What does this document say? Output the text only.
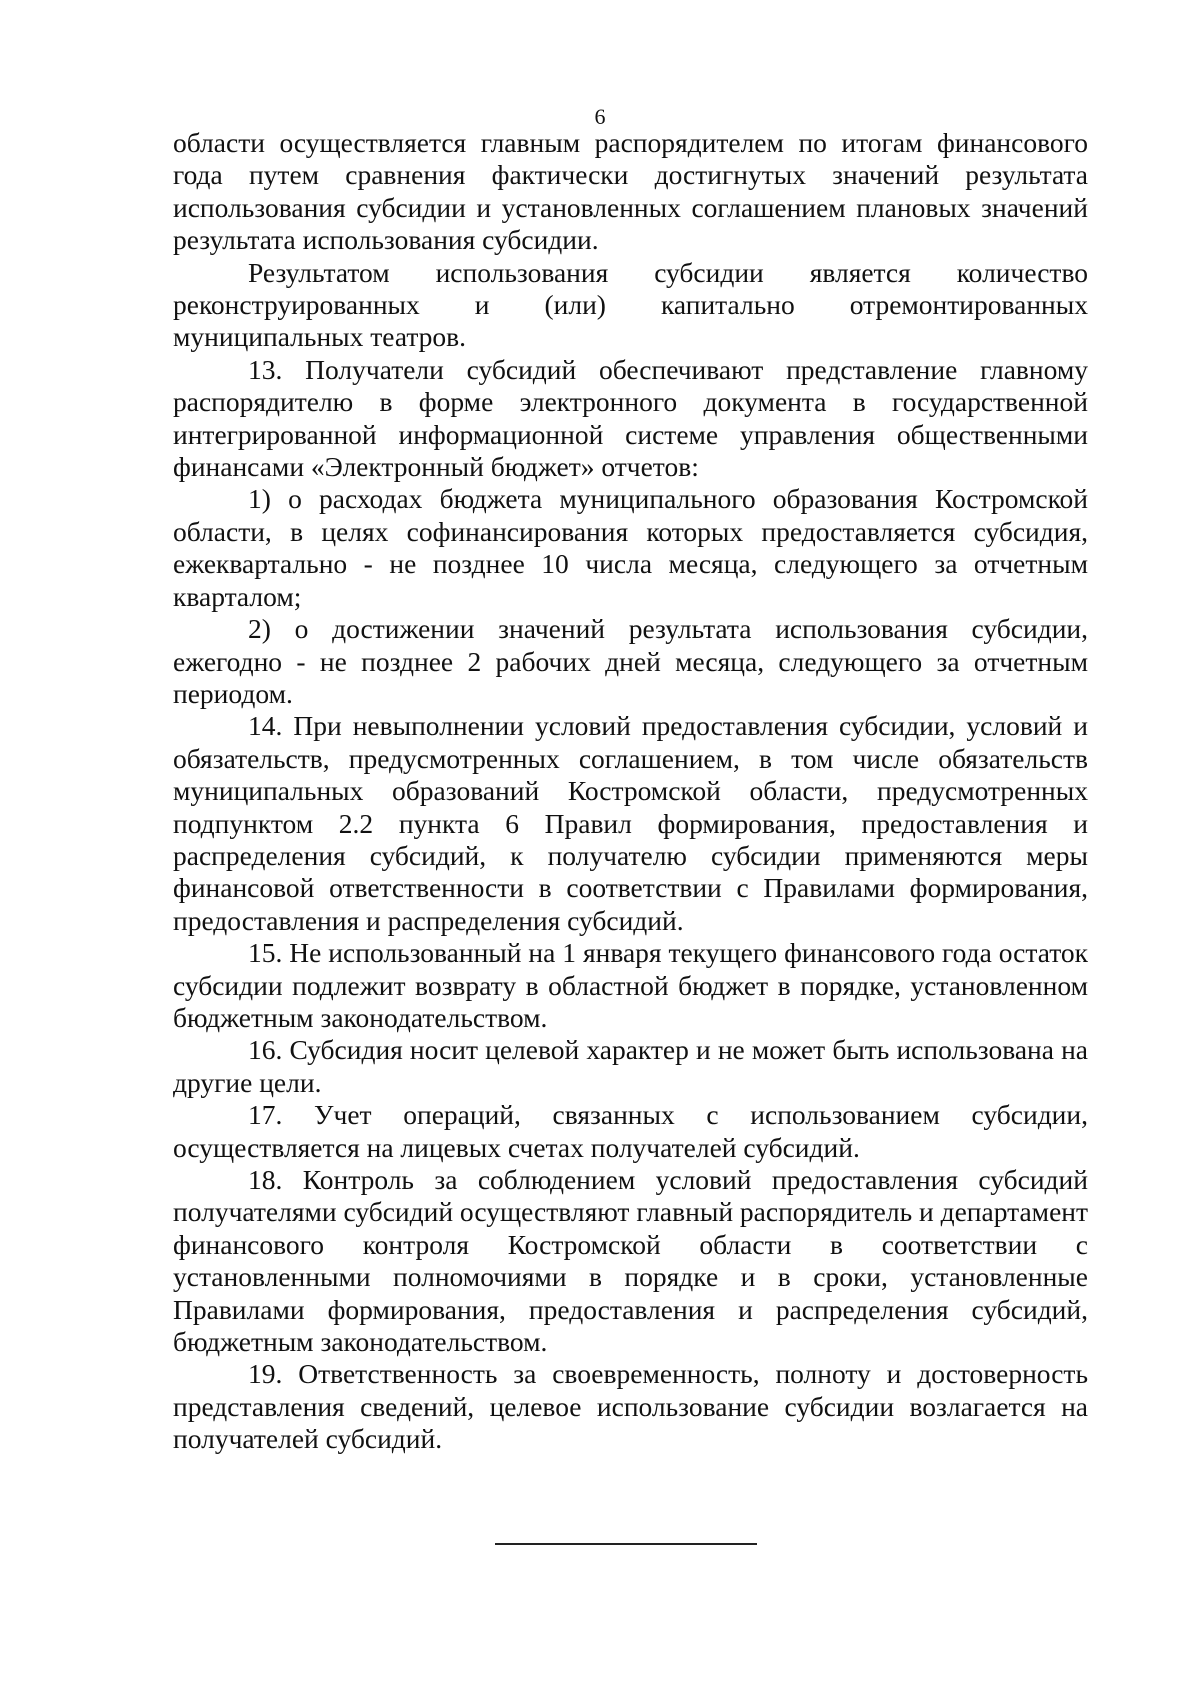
6

области осуществляется главным распорядителем по итогам финансового года путем сравнения фактически достигнутых значений результата использования субсидии и установленных соглашением плановых значений результата использования субсидии.

Результатом использования субсидии является количество реконструированных и (или) капитально отремонтированных муниципальных театров.

13. Получатели субсидий обеспечивают представление главному распорядителю в форме электронного документа в государственной интегрированной информационной системе управления общественными финансами «Электронный бюджет» отчетов:

1) о расходах бюджета муниципального образования Костромской области, в целях софинансирования которых предоставляется субсидия, ежеквартально - не позднее 10 числа месяца, следующего за отчетным кварталом;

2) о достижении значений результата использования субсидии, ежегодно - не позднее 2 рабочих дней месяца, следующего за отчетным периодом.

14. При невыполнении условий предоставления субсидии, условий и обязательств, предусмотренных соглашением, в том числе обязательств муниципальных образований Костромской области, предусмотренных подпунктом 2.2 пункта 6 Правил формирования, предоставления и распределения субсидий, к получателю субсидии применяются меры финансовой ответственности в соответствии с Правилами формирования, предоставления и распределения субсидий.

15. Не использованный на 1 января текущего финансового года остаток субсидии подлежит возврату в областной бюджет в порядке, установленном бюджетным законодательством.

16. Субсидия носит целевой характер и не может быть использована на другие цели.

17. Учет операций, связанных с использованием субсидии, осуществляется на лицевых счетах получателей субсидий.

18. Контроль за соблюдением условий предоставления субсидий получателями субсидий осуществляют главный распорядитель и департамент финансового контроля Костромской области в соответствии с установленными полномочиями в порядке и в сроки, установленные Правилами формирования, предоставления и распределения субсидий, бюджетным законодательством.

19. Ответственность за своевременность, полноту и достоверность представления сведений, целевое использование субсидии возлагается на получателей субсидий.
